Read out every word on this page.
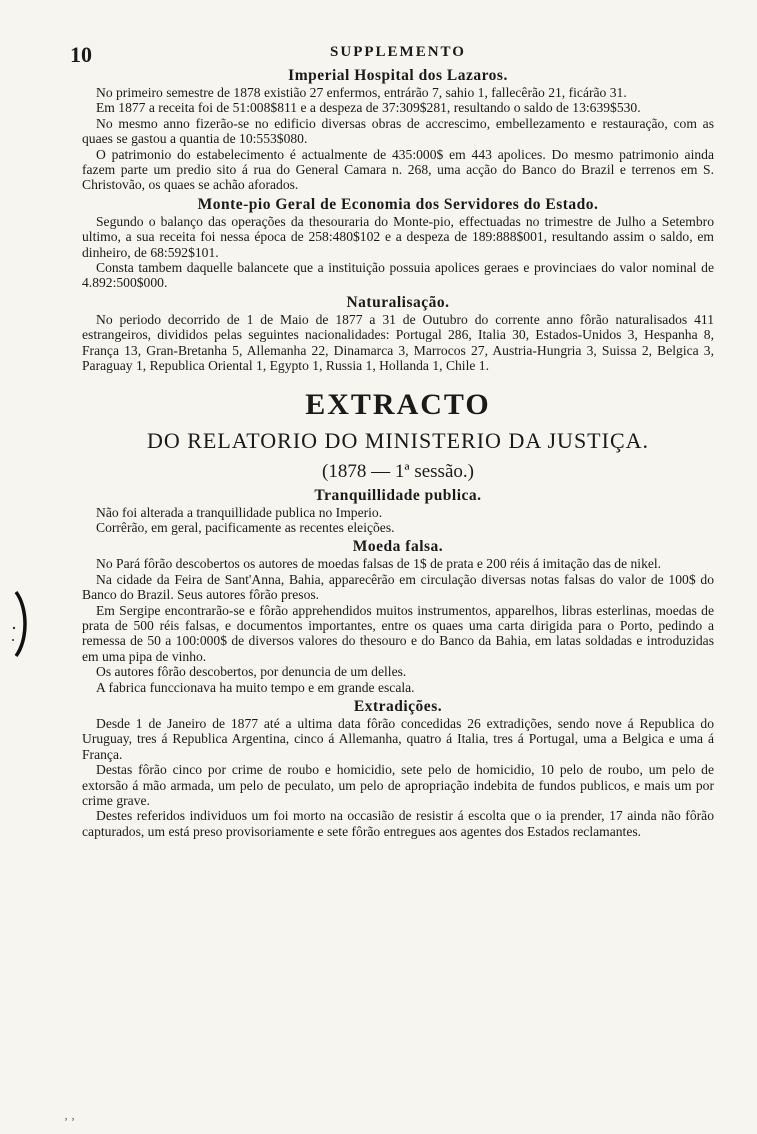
10	SUPPLEMENTO
Imperial Hospital dos Lazaros.

No primeiro semestre de 1878 existião 27 enfermos, entrárão 7, sahio 1, fallecêrão 21, ficárão 31.

Em 1877 a receita foi de 51:008$811 e a despeza de 37:309$281, resultando o saldo de 13:639$530.

No mesmo anno fizerão-se no edificio diversas obras de accrescimo, embellezamento e restauração, com as quaes se gastou a quantia de 10:553$080.

O patrimonio do estabelecimento é actualmente de 435:000$ em 443 apolices. Do mesmo patrimonio ainda fazem parte um predio sito á rua do General Camara n. 268, uma acção do Banco do Brazil e terrenos em S. Christovão, os quaes se achão aforados.

Monte-pio Geral de Economia dos Servidores do Estado.

Segundo o balanço das operações da thesouraria do Monte-pio, effectuadas no trimestre de Julho a Setembro ultimo, a sua receita foi nessa época de 258:480$102 e a despeza de 189:888$001, resultando assim o saldo, em dinheiro, de 68:592$101.

Consta tambem daquelle balancete que a instituição possuia apolices geraes e provinciaes do valor nominal de 4.892:500$000.

Naturalisação.

No periodo decorrido de 1 de Maio de 1877 a 31 de Outubro do corrente anno fôrão naturalisados 411 estrangeiros, divididos pelas seguintes nacionalidades: Portugal 286, Italia 30, Estados-Unidos 3, Hespanha 8, França 13, Gran-Bretanha 5, Allemanha 22, Dinamarca 3, Marrocos 27, Austria-Hungria 3, Suissa 2, Belgica 3, Paraguay 1, Republica Oriental 1, Egypto 1, Russia 1, Hollanda 1, Chile 1.

EXTRACTO
DO RELATORIO DO MINISTERIO DA JUSTIÇA.
(1878 — 1ª sessão.)
Tranquillidade publica.

Não foi alterada a tranquillidade publica no Imperio.

Corrêrão, em geral, pacificamente as recentes eleições.

Moeda falsa.

No Pará fôrão descobertos os autores de moedas falsas de 1$ de prata e 200 réis á imitação das de nikel.

Na cidade da Feira de Sant'Anna, Bahia, apparecêrão em circulação diversas notas falsas do valor de 100$ do Banco do Brazil. Seus autores fôrão presos.

Em Sergipe encontrarão-se e fôrão apprehendidos muitos instrumentos, apparelhos, libras esterlinas, moedas de prata de 500 réis falsas, e documentos importantes, entre os quaes uma carta dirigida para o Porto, pedindo a remessa de 50 a 100:000$ de diversos valores do thesouro e do Banco da Bahia, em latas soldadas e introduzidas em uma pipa de vinho.

Os autores fôrão descobertos, por denuncia de um delles.

A fabrica funccionava ha muito tempo e em grande escala.

Extradições.

Desde 1 de Janeiro de 1877 até a ultima data fôrão concedidas 26 extradições, sendo nove á Republica do Uruguay, tres á Republica Argentina, cinco á Allemanha, quatro á Italia, tres á Portugal, uma a Belgica e uma á França.

Destas fôrão cinco por crime de roubo e homicidio, sete pelo de homicidio, 10 pelo de roubo, um pelo de extorsão á mão armada, um pelo de peculato, um pelo de apropriação indebita de fundos publicos, e mais um por crime grave.

Destes referidos individuos um foi morto na occasião de resistir á escolta que o ia prender, 17 ainda não fôrão capturados, um está preso provisoriamente e sete fôrão entregues aos agentes dos Estados reclamantes.

‚ ‚
